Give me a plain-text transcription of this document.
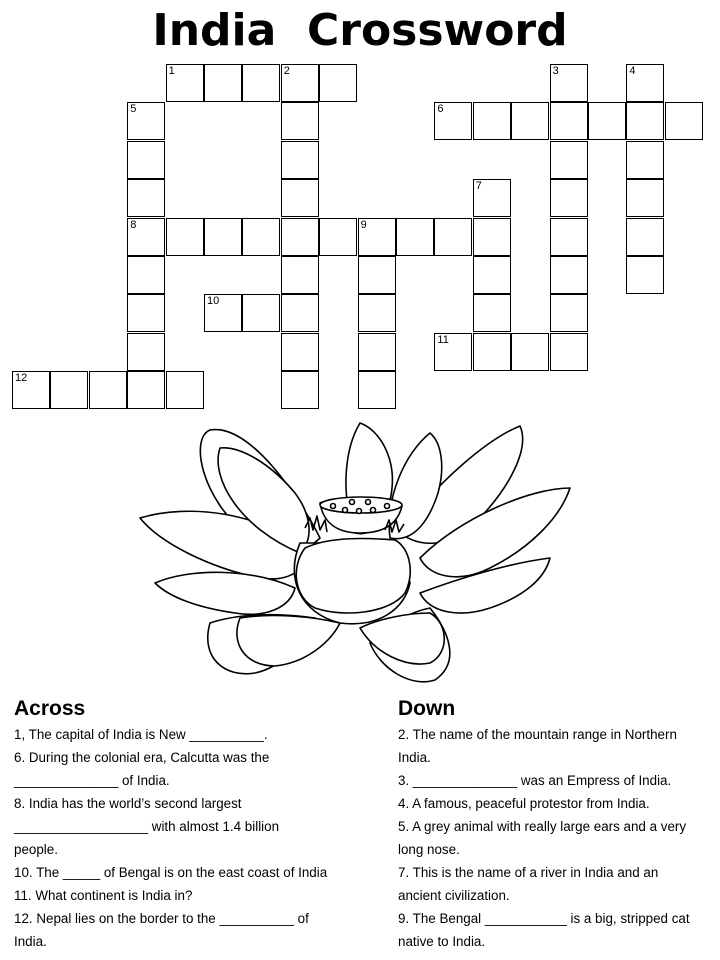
India  Crossword
1	2
6
8	9
10
11
12
3	4
5
7
Across

1, The capital of India is New __________.

6. During the colonial era, Calcutta was the

______________ of India.

8. India has the world’s second largest

__________________ with almost 1.4 billion

people.

10. The _____ of Bengal is on the east coast of India

11. What continent is India in?

12. Nepal lies on the border to the __________ of

India.

Down

2. The name of the mountain range in Northern

India.

3. ______________ was an Empress of India.

4. A famous, peaceful protestor from India.

5. A grey animal with really large ears and a very

long nose.

7. This is the name of a river in India and an

ancient civilization.

9. The Bengal ___________ is a big, stripped cat

native to India.
